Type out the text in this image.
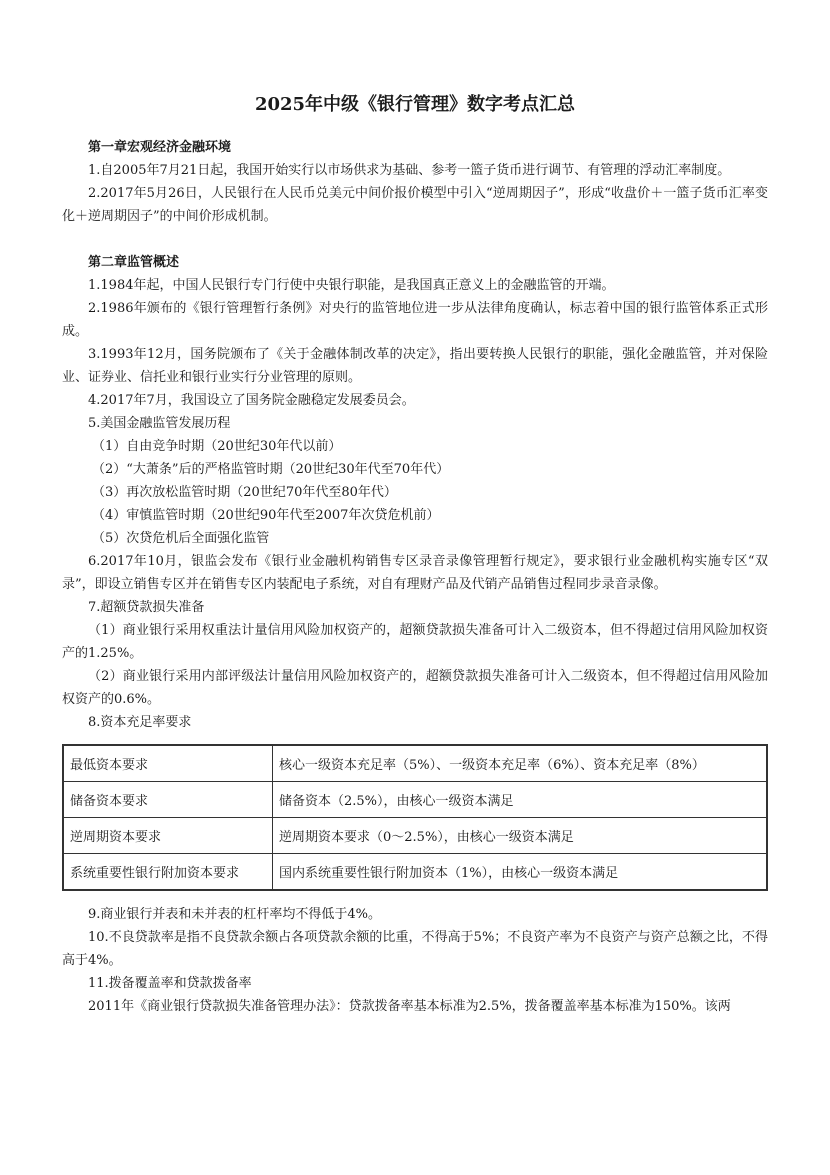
2025年中级《银行管理》数字考点汇总

第一章宏观经济金融环境

1.自2005年7月21日起，我国开始实行以市场供求为基础、参考一篮子货币进行调节、有管理的浮动汇率制度。

2.2017年5月26日，人民银行在人民币兑美元中间价报价模型中引入“逆周期因子”，形成“收盘价＋一篮子货币汇率变化＋逆周期因子”的中间价形成机制。

第二章监管概述

1.1984年起，中国人民银行专门行使中央银行职能，是我国真正意义上的金融监管的开端。

2.1986年颁布的《银行管理暂行条例》对央行的监管地位进一步从法律角度确认，标志着中国的银行监管体系正式形成。

3.1993年12月，国务院颁布了《关于金融体制改革的决定》，指出要转换人民银行的职能，强化金融监管，并对保险业、证券业、信托业和银行业实行分业管理的原则。

4.2017年7月，我国设立了国务院金融稳定发展委员会。

5.美国金融监管发展历程

（1）自由竞争时期（20世纪30年代以前）

（2）“大萧条”后的严格监管时期（20世纪30年代至70年代）

（3）再次放松监管时期（20世纪70年代至80年代）

（4）审慎监管时期（20世纪90年代至2007年次贷危机前）

（5）次贷危机后全面强化监管

6.2017年10月，银监会发布《银行业金融机构销售专区录音录像管理暂行规定》，要求银行业金融机构实施专区“双录”，即设立销售专区并在销售专区内装配电子系统，对自有理财产品及代销产品销售过程同步录音录像。

7.超额贷款损失准备

（1）商业银行采用权重法计量信用风险加权资产的，超额贷款损失准备可计入二级资本，但不得超过信用风险加权资产的1.25%。

（2）商业银行采用内部评级法计量信用风险加权资产的，超额贷款损失准备可计入二级资本，但不得超过信用风险加权资产的0.6%。

8.资本充足率要求

最低资本要求	核心一级资本充足率（5%）、一级资本充足率（6%）、资本充足率（8%）
储备资本要求	储备资本（2.5%），由核心一级资本满足
逆周期资本要求	逆周期资本要求（0～2.5%），由核心一级资本满足
系统重要性银行附加资本要求	国内系统重要性银行附加资本（1%），由核心一级资本满足

9.商业银行并表和未并表的杠杆率均不得低于4%。

10.不良贷款率是指不良贷款余额占各项贷款余额的比重，不得高于5%；不良资产率为不良资产与资产总额之比，不得高于4%。

11.拨备覆盖率和贷款拨备率

2011年《商业银行贷款损失准备管理办法》：贷款拨备率基本标准为2.5%，拨备覆盖率基本标准为150%。该两
